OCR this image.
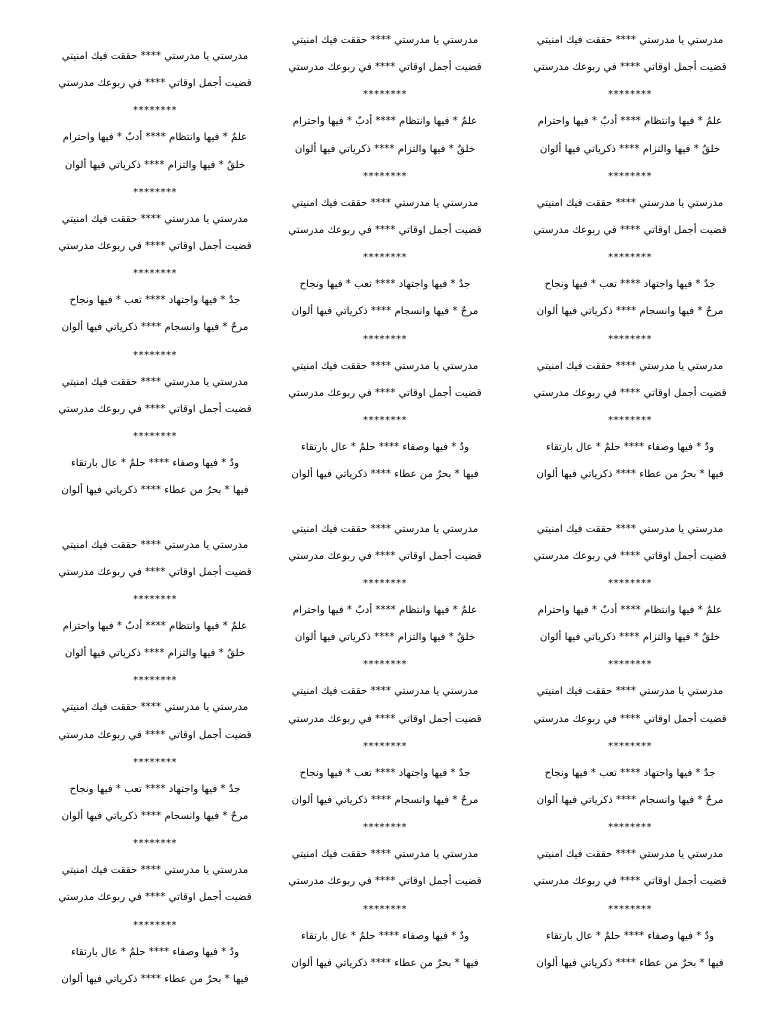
مدرستي يا مدرستي **** حققت فيك امنيتي
قضيت أجمل اوقاتي **** في ربوعك مدرستي
********
علمٌ * فيها وانتظام **** أدبٌ * فيها واحترام
خلقٌ * فيها والتزام **** ذكرياتي فيها ألوان
********
مدرستي يا مدرستي **** حققت فيك امنيتي
قضيت أجمل اوقاتي **** في ربوعك مدرستي
********
جدٌ * فيها واجتهاد **** تعب * فيها ونجاح
مرحٌ * فيها وانسجام **** ذكرياتي فيها ألوان
********
مدرستي يا مدرستي **** حققت فيك امنيتي
قضيت أجمل اوقاتي **** في ربوعك مدرستي
********
ودٌ * فيها وصفاء **** حلمٌ * عال بارتقاء
فيها * بحرٌ من عطاء **** ذكرياتي فيها ألوان
مدرستي يا مدرستي **** حققت فيك امنيتي
قضيت أجمل اوقاتي **** في ربوعك مدرستي
********
علمٌ * فيها وانتظام **** أدبٌ * فيها واحترام
خلقٌ * فيها والتزام **** ذكرياتي فيها ألوان
********
مدرستي يا مدرستي **** حققت فيك امنيتي
قضيت أجمل اوقاتي **** في ربوعك مدرستي
********
جدٌ * فيها واجتهاد **** تعب * فيها ونجاح
مرحٌ * فيها وانسجام **** ذكرياتي فيها ألوان
********
مدرستي يا مدرستي **** حققت فيك امنيتي
قضيت أجمل اوقاتي **** في ربوعك مدرستي
********
ودٌ * فيها وصفاء **** حلمٌ * عال بارتقاء
فيها * بحرٌ من عطاء **** ذكرياتي فيها ألوان
مدرستي يا مدرستي **** حققت فيك امنيتي
قضيت أجمل اوقاتي **** في ربوعك مدرستي
********
علمٌ * فيها وانتظام **** أدبٌ * فيها واحترام
خلقٌ * فيها والتزام **** ذكرياتي فيها ألوان
********
مدرستي يا مدرستي **** حققت فيك امنيتي
قضيت أجمل اوقاتي **** في ربوعك مدرستي
********
جدٌ * فيها واجتهاد **** تعب * فيها ونجاح
مرحٌ * فيها وانسجام **** ذكرياتي فيها ألوان
********
مدرستي يا مدرستي **** حققت فيك امنيتي
قضيت أجمل اوقاتي **** في ربوعك مدرستي
********
ودٌ * فيها وصفاء **** حلمٌ * عال بارتقاء
فيها * بحرٌ من عطاء **** ذكرياتي فيها ألوان
مدرستي يا مدرستي **** حققت فيك امنيتي
قضيت أجمل اوقاتي **** في ربوعك مدرستي
********
علمٌ * فيها وانتظام **** أدبٌ * فيها واحترام
خلقٌ * فيها والتزام **** ذكرياتي فيها ألوان
********
مدرستي يا مدرستي **** حققت فيك امنيتي
قضيت أجمل اوقاتي **** في ربوعك مدرستي
********
جدٌ * فيها واجتهاد **** تعب * فيها ونجاح
مرحٌ * فيها وانسجام **** ذكرياتي فيها ألوان
********
مدرستي يا مدرستي **** حققت فيك امنيتي
قضيت أجمل اوقاتي **** في ربوعك مدرستي
********
ودٌ * فيها وصفاء **** حلمٌ * عال بارتقاء
فيها * بحرٌ من عطاء **** ذكرياتي فيها ألوان
مدرستي يا مدرستي **** حققت فيك امنيتي
قضيت أجمل اوقاتي **** في ربوعك مدرستي
********
علمٌ * فيها وانتظام **** أدبٌ * فيها واحترام
خلقٌ * فيها والتزام **** ذكرياتي فيها ألوان
********
مدرستي يا مدرستي **** حققت فيك امنيتي
قضيت أجمل اوقاتي **** في ربوعك مدرستي
********
جدٌ * فيها واجتهاد **** تعب * فيها ونجاح
مرحٌ * فيها وانسجام **** ذكرياتي فيها ألوان
********
مدرستي يا مدرستي **** حققت فيك امنيتي
قضيت أجمل اوقاتي **** في ربوعك مدرستي
********
ودٌ * فيها وصفاء **** حلمٌ * عال بارتقاء
فيها * بحرٌ من عطاء **** ذكرياتي فيها ألوان
مدرستي يا مدرستي **** حققت فيك امنيتي
قضيت أجمل اوقاتي **** في ربوعك مدرستي
********
علمٌ * فيها وانتظام **** أدبٌ * فيها واحترام
خلقٌ * فيها والتزام **** ذكرياتي فيها ألوان
********
مدرستي يا مدرستي **** حققت فيك امنيتي
قضيت أجمل اوقاتي **** في ربوعك مدرستي
********
جدٌ * فيها واجتهاد **** تعب * فيها ونجاح
مرحٌ * فيها وانسجام **** ذكرياتي فيها ألوان
********
مدرستي يا مدرستي **** حققت فيك امنيتي
قضيت أجمل اوقاتي **** في ربوعك مدرستي
********
ودٌ * فيها وصفاء **** حلمٌ * عال بارتقاء
فيها * بحرٌ من عطاء **** ذكرياتي فيها ألوان
